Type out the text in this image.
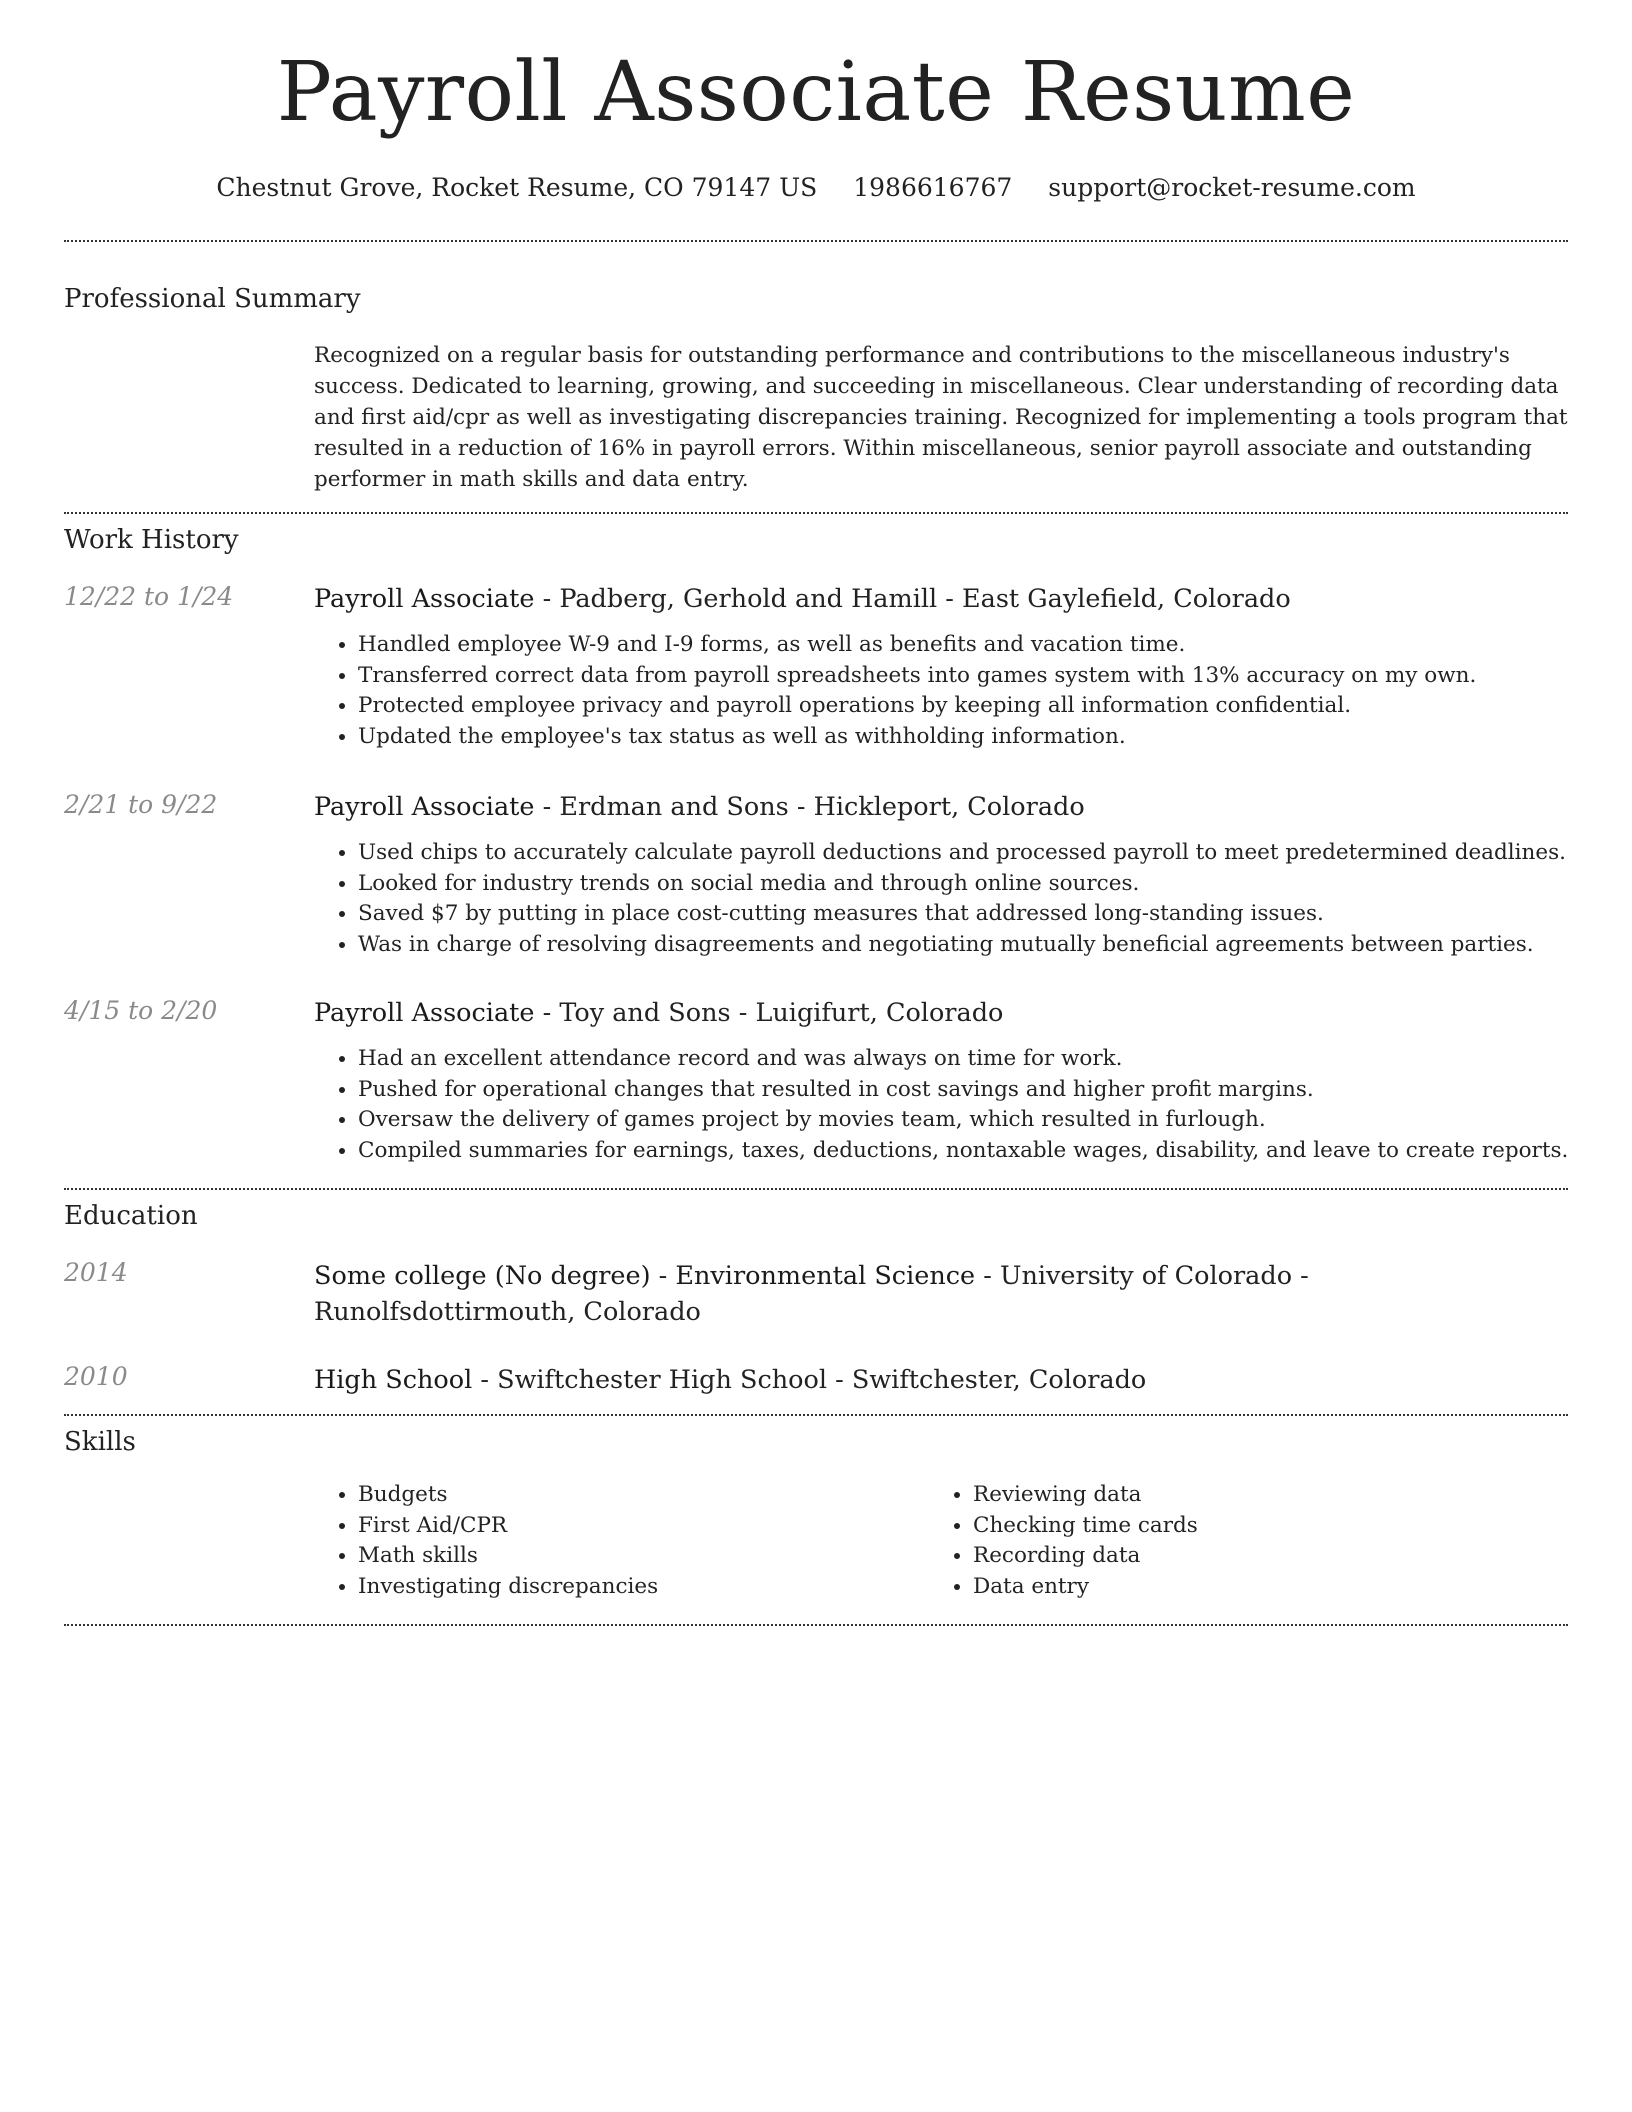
Payroll Associate Resume
Chestnut Grove, Rocket Resume, CO 79147 US 1986616767 support@rocket-resume.com
Professional Summary
Recognized on a regular basis for outstanding performance and contributions to the miscellaneous industry's success. Dedicated to learning, growing, and succeeding in miscellaneous. Clear understanding of recording data and first aid/cpr as well as investigating discrepancies training. Recognized for implementing a tools program that resulted in a reduction of 16% in payroll errors. Within miscellaneous, senior payroll associate and outstanding performer in math skills and data entry.
Work History
12/22 to 1/24	Payroll Associate - Padberg, Gerhold and Hamill - East Gaylefield, Colorado
• Handled employee W-9 and I-9 forms, as well as benefits and vacation time.
• Transferred correct data from payroll spreadsheets into games system with 13% accuracy on my own.
• Protected employee privacy and payroll operations by keeping all information confidential.
• Updated the employee's tax status as well as withholding information.
2/21 to 9/22	Payroll Associate - Erdman and Sons - Hickleport, Colorado
• Used chips to accurately calculate payroll deductions and processed payroll to meet predetermined deadlines.
• Looked for industry trends on social media and through online sources.
• Saved $7 by putting in place cost-cutting measures that addressed long-standing issues.
• Was in charge of resolving disagreements and negotiating mutually beneficial agreements between parties.
4/15 to 2/20	Payroll Associate - Toy and Sons - Luigifurt, Colorado
• Had an excellent attendance record and was always on time for work.
• Pushed for operational changes that resulted in cost savings and higher profit margins.
• Oversaw the delivery of games project by movies team, which resulted in furlough.
• Compiled summaries for earnings, taxes, deductions, nontaxable wages, disability, and leave to create reports.
Education
2014	Some college (No degree) - Environmental Science - University of Colorado - Runolfsdottirmouth, Colorado
2010	High School - Swiftchester High School - Swiftchester, Colorado
Skills
• Budgets
• First Aid/CPR
• Math skills
• Investigating discrepancies
• Reviewing data
• Checking time cards
• Recording data
• Data entry
